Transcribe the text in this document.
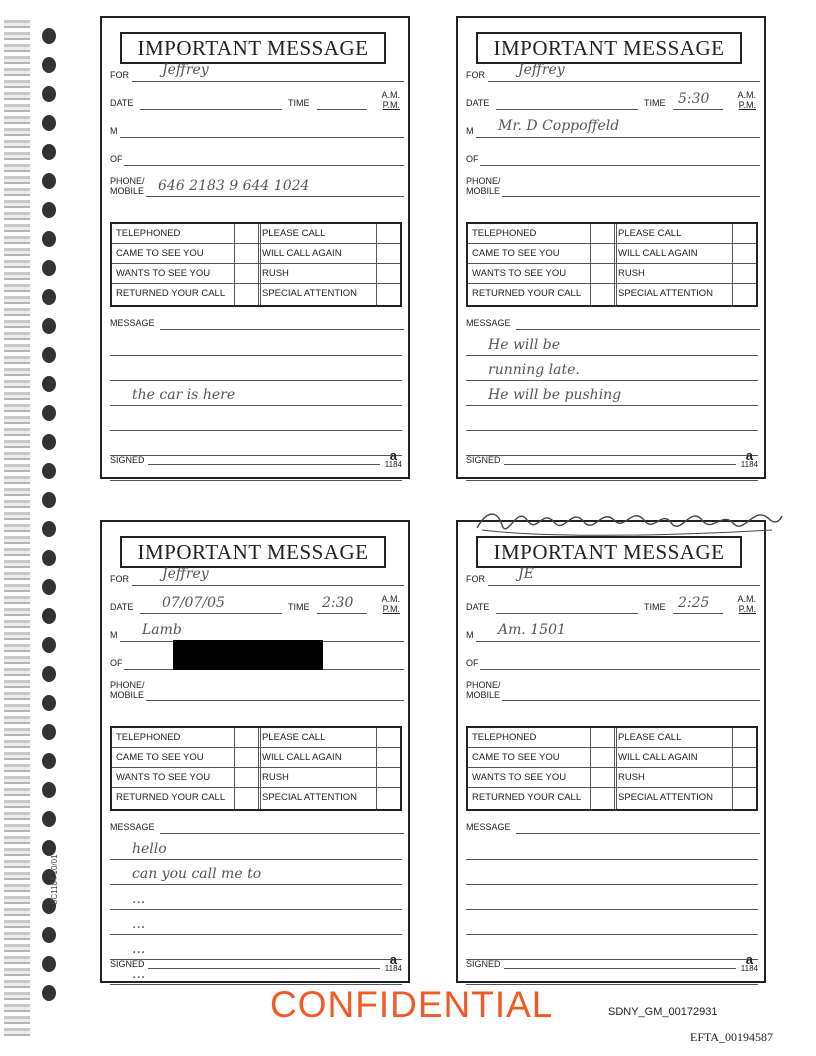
SC1184 10/01
IMPORTANT MESSAGE
FOR Jeffrey
DATE	TIME
A.M.
P.M.
M
OF
PHONE/
MOBILE 646 2183 9 644 1024
TELEPHONED	PLEASE CALL
CAME TO SEE YOU	WILL CALL AGAIN
WANTS TO SEE YOU	RUSH
RETURNED YOUR CALL	SPECIAL ATTENTION
MESSAGE
the car is here
SIGNED	a
1184
IMPORTANT MESSAGE
FOR Jeffrey
DATE	TIME 5:30	A.M.
P.M.
M Mr. D Coppoffeld
OF
PHONE/
MOBILE
TELEPHONED	PLEASE CALL
CAME TO SEE YOU	WILL CALL AGAIN
WANTS TO SEE YOU	RUSH
RETURNED YOUR CALL	SPECIAL ATTENTION
MESSAGE
He will be
running late.
He will be pushing
SIGNED	a
1184
IMPORTANT MESSAGE
FOR Jeffrey
DATE 07/07/05	TIME 2:30	A.M.
P.M.
M Lamb
OF
PHONE/
MOBILE
TELEPHONED	PLEASE CALL
CAME TO SEE YOU	WILL CALL AGAIN
WANTS TO SEE YOU	RUSH
RETURNED YOUR CALL	SPECIAL ATTENTION
MESSAGE
hello
can you call me to
...
...
...
...
SIGNED	a
1184
IMPORTANT MESSAGE
FOR JE
DATE	TIME 2:25	A.M.
P.M.
M Am. 1501
OF
PHONE/
MOBILE
TELEPHONED	PLEASE CALL
CAME TO SEE YOU	WILL CALL AGAIN
WANTS TO SEE YOU	RUSH
RETURNED YOUR CALL	SPECIAL ATTENTION
MESSAGE
SIGNED	a
1184
CONFIDENTIAL	SDNY_GM_00172931
EFTA_00194587
